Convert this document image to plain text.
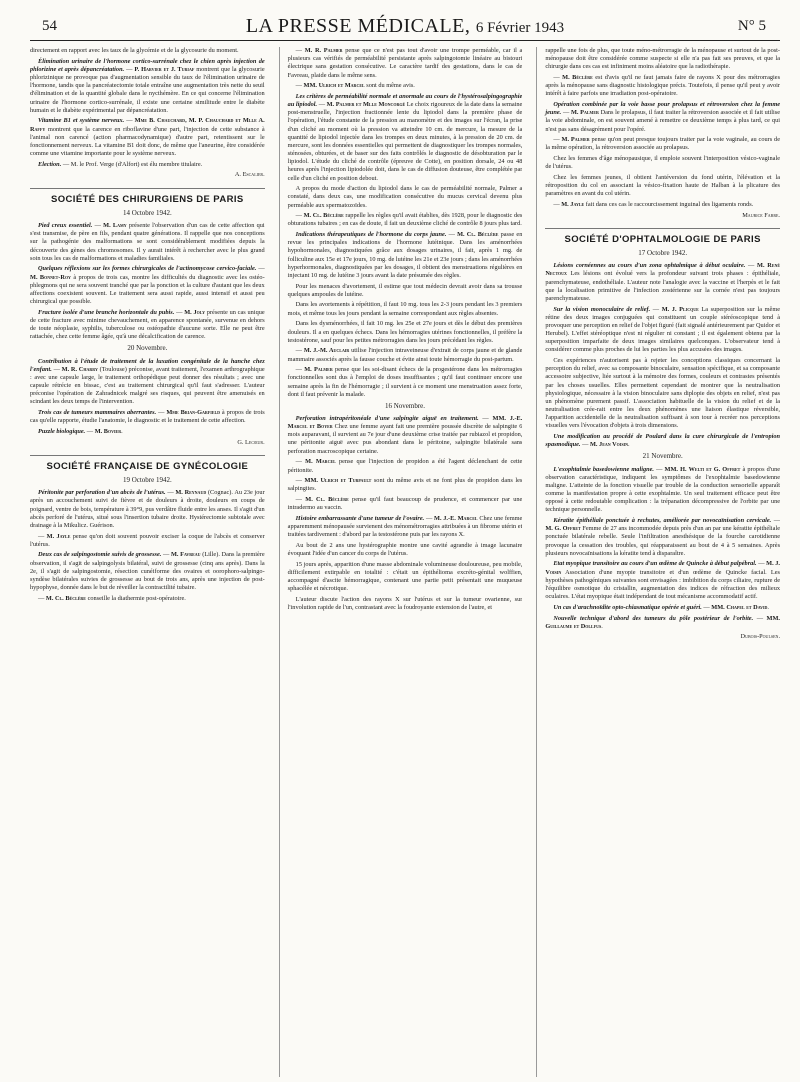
54	LA PRESSE MÉDICALE, 6 Février 1943	N° 5

directement en rapport avec les taux de la glycémie et de la glycosurie du moment.

Élimination urinaire de l'hormone cortico-surrénale chez le chien après injection de phlorizine et après dépancréatation. — P. Harvier et J. Turiaf montrent que la glycosurie phlorizinique ne provoque pas d'augmentation sensible du taux de l'élimination urinaire de l'hormone, tandis que la pancréatectomie totale entraîne une augmentation très nette du seuil d'élimination et de la quantité globale dans le nycthémère. En ce qui concerne l'élimination urinaire de l'hormone cortico-surrénale, il existe une certaine similitude entre le diabète humain et le diabète expérimental par dépancréatation.

Vitamine B1 et système nerveux. — Mme B. Chauchard, M. P. Chauchard et Mlle A. Raffy montrent que la carence en riboflavine d'une part, l'injection de cette substance à l'animal non carencé (action pharmacodynamique) d'autre part, retentissent sur le fonctionnement nerveux. La vitamine B1 doit donc, de même que l'aneurine, être considérée comme une vitamine importante pour le système nerveux.

Election. — M. le Prof. Verge (d'Alfort) est élu membre titulaire.

A. Escalier.
SOCIÉTÉ DES CHIRURGIENS DE PARIS
14 Octobre 1942.

Pied creux essentiel. — M. Lamy présente l'observation d'un cas de cette affection qui s'est transmise, de père en fils, pendant quatre générations. Il rappelle que nos conceptions sur la pathogénie des malformations se sont considérablement modifiées depuis la découverte des gènes des chromosomes. Il y aurait intérêt à rechercher avec le plus grand soin tous les cas de malformations et maladies familiales.

Quelques réflexions sur les formes chirurgicales de l'actinomycose cervico-faciale. — M. Bonnet-Roy à propos de trois cas, montre les difficultés du diagnostic avec les ostéo-phlegmons qui ne sera souvent tranché que par la ponction et la culture d'autant que les deux affections coexistent souvent. Le traitement sera aussi rapide, aussi intensif et aussi peu chirurgical que possible.

Fracture isolée d'une branche horizontale du pubis. — M. Joly présente un cas unique de cette fracture avec minime chevauchement, en apparence spontanée, survenue en dehors de toute néoplasie, syphilis, tuberculose ou ostéopathie d'aucune sorte. Elle ne peut être rattachée, chez cette femme âgée, qu'à une décalcification de carence.

20 Novembre.

Contribution à l'étude de traitement de la luxation congénitale de la hanche chez l'enfant. — M. R. Charry (Toulouse) préconise, avant traitement, l'examen arthrographique : avec une capsule large, le traitement orthopédique peut donner des résultats ; avec une capsule rétrécie en bissac, c'est au traitement chirurgical qu'il faut s'adresser. L'auteur préconise l'opération de Zahradnicek malgré ses risques, qui peuvent être amenuisés en scindant les deux temps de l'intervention.

Trois cas de tumeurs mammaires aberrantes. — Mme Brian-Garfield à propos de trois cas qu'elle rapporte, étudie l'anatomie, le diagnostic et le traitement de cette affection.

Puzzle biologique. — M. Bovier.

G. Lecœur.
SOCIÉTÉ FRANÇAISE DE GYNÉCOLOGIE
19 Octobre 1942.

Péritonite par perforation d'un abcès de l'utérus. — M. Reynaud (Cognac). Au 23e jour après un accouchement suivi de fièvre et de douleurs à droite, douleurs en coups de poignard, ventre de bois, température à 39°9, pus verdâtre fluide entre les anses. Il s'agit d'un abcès perforé de l'utérus, situé sous l'insertion tubaire droite. Hystérectomie subtotale avec drainage à la Mikulicz. Guérison.

— M. Jayle pense qu'on doit souvent pouvoir exciser la coque de l'abcès et conserver l'utérus.

Deux cas de salpingostomie suivis de grossesse. — M. Favreau (Lille). Dans la première observation, il s'agit de salpingolysis bilatéral, suivi de grossesse (cinq ans après). Dans la 2e, il s'agit de salpingostomie, résection cunéiforme des ovaires et oorophoro-salpingo-syndèse bilatérales suivies de grossesse au bout de trois ans, après une injection de post-hypophyse, donnée dans le but de réveiller la contractilité tubaire.

— M. Cl. Béclère conseille la diathermie post-opératoire.

— M. R. Palmer pense que ce n'est pas tout d'avoir une trompe perméable, car il a plusieurs cas vérifiés de perméabilité persistante après salpingotomie linéaire au bistouri électrique sans gestation consécutive. Le caractère tardif des gestations, dans le cas de Favreau, plaide dans le même sens.

— MM. Ulrich et Marcel sont du même avis.

Les critères de perméabilité normale et anormale au cours de l'hystérosalpingographie au lipiodol. — M. Palmer et Mlle Moncorgé Le choix rigoureux de la date dans la semaine post-menstruelle, l'injection fractionnée lente du lipiodol dans la première phase de l'opération, l'étude constante de la pression au manomètre et des images sur l'écran, la prise d'un cliché au moment où la pression va atteindre 10 cm. de mercure, la mesure de la quantité de lipiodol injectée dans les trompes en deux minutes, à la pression de 20 cm. de mercure, sont les données essentielles qui permettent de diagnostiquer les trompes normales, sténosées, obturées, et de baser sur des faits contrôlés le diagnostic de désobturation par le lipiodol. L'étude du cliché de contrôle (épreuve de Cotte), en position dorsale, 24 ou 48 heures après l'injection lipiodolée doit, dans le cas de diffusion douteuse, être complétée par celle d'un cliché en position debout.

A propos du mode d'action du lipiodol dans le cas de perméabilité normale, Palmer a constaté, dans deux cas, une modification consécutive du mucus cervical devenu plus perméable aux spermatozoïdes.

— M. Cl. Béclère rappelle les règles qu'il avait établies, dès 1928, pour le diagnostic des obturations tubaires ; en cas de doute, il fait un deuxième cliché de contrôle 8 jours plus tard.

Indications thérapeutiques de l'hormone du corps jaune. — M. Cl. Béclère passe en revue les principales indications de l'hormone lutéinique. Dans les aménorrhées hypohormonales, diagnostiquées grâce aux dosages urinaires, il fait, après 1 mg. de folliculine aux 15e et 17e jours, 10 mg. de lutéine les 21e et 23e jours ; dans les aménorrhées hyperhormonales, diagnostiquées par les dosages, il obtient des menstruations régulières en injectant 10 mg. de lutéine 3 jours avant la date présumée des règles.

Pour les menaces d'avortement, il estime que tout médecin devrait avoir dans sa trousse quelques ampoules de lutéine.

Dans les avortements à répétition, il faut 10 mg. tous les 2-3 jours pendant les 3 premiers mois, et même tous les jours pendant la semaine correspondant aux règles absentes.

Dans les dysménorrhées, il fait 10 mg. les 25e et 27e jours et dès le début des premières douleurs. Il a en quelques échecs. Dans les hémorragies utérines fonctionnelles, il préfère la testostérone, sauf pour les petites métrorragies dans les jours précédant les règles.

— M. J.-M. Auclair utilise l'injection intraveineuse d'extrait de corps jaune et de glande mammaire associés après la fausse couche et évite ainsi toute hémorragie du post-partum.

— M. Palmer pense que les soi-disant échecs de la progestérone dans les métrorragies fonctionnelles sont dus à l'emploi de doses insuffisantes ; qu'il faut continuer encore une semaine après la fin de l'hémorragie ; il survient à ce moment une menstruation assez forte, dont il faut prévenir la malade.

16 Novembre.

Perforation intrapéritonéale d'une salpingite aiguë en traitement. — MM. J.-E. Marcel et Boyer Chez une femme ayant fait une première poussée discrète de salpingite 6 mois auparavant, il survient au 7e jour d'une deuxième crise traitée par rubiazol et propidon, une péritonite aiguë avec pus abondant dans le péritoine, salpingite bilatérale sans perforation macroscopique certaine.

— M. Marcel pense que l'injection de propidon a été l'agent déclenchant de cette péritonite.

— MM. Ulrich et Turpault sont du même avis et ne font plus de propidon dans les salpingites.

— M. Cl. Béclère pense qu'il faut beaucoup de prudence, et commencer par une intradermo au vaccin.

Histoire embarrassante d'une tumeur de l'ovaire. — M. J.-E. Marcel Chez une femme apparemment ménopausée survienent des ménométrorragies attribuées à un fibrome utérin et traitées tardivement : d'abord par la testostérone puis par les rayons X.

Au bout de 2 ans une hystérographie montre une cavité agrandie à image lacunaire évoquant l'idée d'un cancer du corps de l'utérus.

15 jours après, apparition d'une masse abdominale volumineuse douloureuse, peu mobile, difficilement extirpable en totalité : c'était un épithélioma excréto-génital wolffien, accompagné d'ascite hémorragique, contenant une partie petit présentait une muqueuse sphacélée et nécrotique.

L'auteur discute l'action des rayons X sur l'utérus et sur la tumeur ovarienne, sur l'involution rapide de l'un, contrastant avec la foudroyante extension de l'autre, et

rappelle une fois de plus, que toute méno-métrorragie de la ménopause et surtout de la post-ménopause doit être considérée comme suspecte si elle n'a pas fait ses preuves, et que la chirurgie dans ces cas est infiniment moins aléatoire que la radiothérapie.

— M. Béclère est d'avis qu'il ne faut jamais faire de rayons X pour des métrorragies après la ménopause sans diagnostic histologique précis. Toutefois, il pense qu'il peut y avoir intérêt à faire parfois une irradiation post-opératoire.

Opération combinée par la voie basse pour prolapsus et rétroversion chez la femme jeune. — M. Palmer Dans le prolapsus, il faut traiter la rétroversion associée et il fait utilise la voie abdominale, on est souvent amené à remettre ce deuxième temps à plus tard, ce qui n'est pas sans désagrément pour l'opéré.

— M. Palmer pense qu'on peut presque toujours traiter par la voie vaginale, au cours de la même opération, la rétroversion associée au prolapsus.

Chez les femmes d'âge ménopausique, il emploie souvent l'interposition vésico-vaginale de l'utérus.

Chez les femmes jeunes, il obtient l'antéversion du fond utérin, l'élévation et la rétroposition du col en associant la vésico-fixation haute de Halban à la plicature des paramètres en avant du col utérin.

— M. Jayle fait dans ces cas le raccourcissement inguinal des ligaments ronds.

Maurice Fabre.
SOCIÉTÉ D'OPHTALMOLOGIE DE PARIS
17 Octobre 1942.

Lésions cornéennes au cours d'un zona ophtalmique à début oculaire. — M. René Nectoux Les lésions ont évolué vers la profondeur suivant trois phases : épithéliale, parenchymateuse, endothéliale. L'auteur note l'analogie avec la vaccine et l'herpès et le fait que la localisation primitive de l'infection zostérienne sur la cornée n'est pas toujours parenchymateuse.

Sur la vision monoculaire de relief. — M. J. Plicque La superposition sur la même rétine des deux images conjuguées qui constituent un couple stéréoscopique tend à provoquer une perception en relief de l'objet figuré (fait signalé antérieurement par Quidor et Herubel). L'effet stéréoptique n'est ni régulier ni constant ; il est également obtenu par la superposition imparfaite de deux images similaires quelconques. L'observateur tend à considérer comme plus proches de lui les parties les plus accusées des images.

Ces expériences n'autorisent pas à rejeter les conceptions classiques concernant la perception du relief, avec sa composante binoculaire, sensation spécifique, et sa composante accessoire subjective, liée surtout à la mémoire des formes, couleurs et contrastes présentés par les choses usuelles. Elles permettent cependant de montrer que la neutralisation physiologique, nécessaire à la vision binoculaire sans diplopie des objets en relief, n'est pas un phénomène purement passif. L'association habituelle de la vision du relief et de la neutralisation crée-rait entre les deux phénomènes une liaison élastique réversible, l'apparition accidentelle de la neutralisation suffisant à son tour à recréer nos perceptions visuelles vers l'évocation d'objets à trois dimensions.

Une modification au procédé de Poulard dans la cure chirurgicale de l'entropion spasmodique. — M. Jean Voisin.

21 Novembre.

L'exophtalmie basedowienne maligne. — MM. H. Welti et G. Offret à propos d'une observation caractéristique, indiquent les symptômes de l'exophtalmie basedowienne maligne. L'atteinte de la fonction visuelle par trouble de la conduction sensorielle apparaît comme la manifestation propre à cette exophtalmie. Un seul traitement efficace peut être opposé à cette redoutable complication : la trépanation décompressive de l'orbite par une technique personnelle.

Kératite épithéliale ponctuée à rechutes, améliorée par novocaïnisation cervicale. — M. G. Offret Femme de 27 ans incommodée depuis près d'un an par une kératite épithéliale ponctuée bilatérale rebelle. Seule l'infiltration anesthésique de la fourche carotidienne provoque la cessation des troubles, qui réapparaissent au bout de 4 à 5 semaines. Après plusieurs novocaïnisations la kératite tend à disparaître.

Etat myopique transitoire au cours d'un œdème de Quincke à début palpébral. — M. J. Voisin Association d'une myopie transitoire et d'un œdème de Quincke facial. Les hypothèses pathogéniques suivantes sont envisagées : imbibition du corps ciliaire, rupture de l'équilibre osmotique du cristallin, augmentation des indices de réfraction des milieux oculaires. L'état myopique était indépendant de tout mécanisme accommodatif actif.

Un cas d'arachnoïdite opto-chiasmatique opérée et guéri. — MM. Chapel et David.

Nouvelle technique d'abord des tumeurs du pôle postérieur de l'orbite. — MM. Guillaume et Dollfus.

Dubois-Poulsen.
